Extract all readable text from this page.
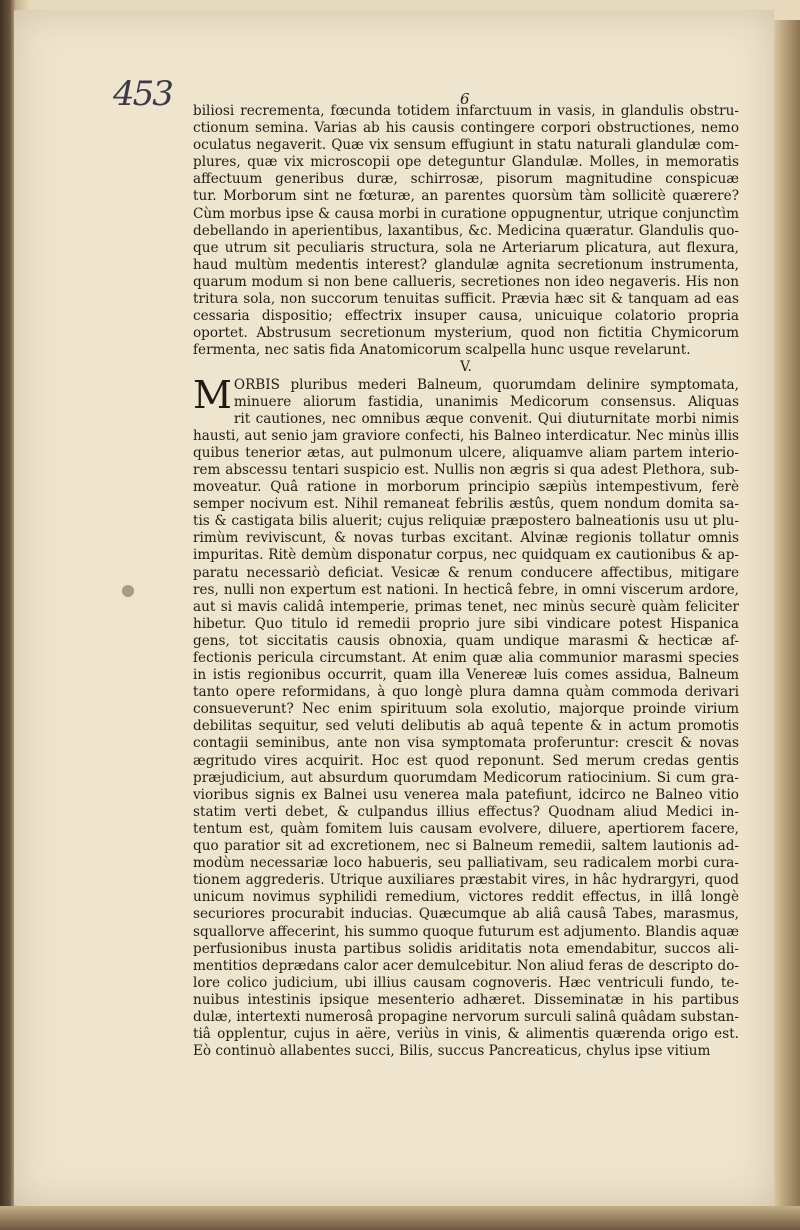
453	6
biliosi recrementa, fœcunda totidem infarctuum in vasis, in glandulis obstru-
ctionum semina. Varias ab his causis contingere corpori obstructiones, nemo
oculatus negaverit. Quæ vix sensum effugiunt in statu naturali glandulæ com-
plures, quæ vix microscopii ope deteguntur Glandulæ. Molles, in memoratis
affectuum generibus duræ, schirrosæ, pisorum magnitudine conspicuæ
tur. Morborum sint ne fœturæ, an parentes quorsùm tàm sollicitè quærere?
Cùm morbus ipse & causa morbi in curatione oppugnentur, utrique conjunctìm
debellando in aperientibus, laxantibus, &c. Medicina quæratur. Glandulis quo-
que utrum sit peculiaris structura, sola ne Arteriarum plicatura, aut flexura,
haud multùm medentis interest? glandulæ agnita secretionum instrumenta,
quarum modum si non bene callueris, secretiones non ideo negaveris. His non
tritura sola, non succorum tenuitas sufficit. Prævia hæc sit & tanquam ad eas
cessaria dispositio; effectrix insuper causa, unicuique colatorio propria
oportet. Abstrusum secretionum mysterium, quod non fictitia Chymicorum
fermenta, nec satis fida Anatomicorum scalpella hunc usque revelarunt.
V.
M ORBIS pluribus mederi Balneum, quorumdam delinire symptomata,
minuere aliorum fastidia, unanimis Medicorum consensus. Aliquas
rit cautiones, nec omnibus æque convenit. Qui diuturnitate morbi nimis
hausti, aut senio jam graviore confecti, his Balneo interdicatur. Nec minùs illis
quibus tenerior ætas, aut pulmonum ulcere, aliquamve aliam partem interio-
rem abscessu tentari suspicio est. Nullis non ægris si qua adest Plethora, sub-
moveatur. Quâ ratione in morborum principio sæpiùs intempestivum, ferè
semper nocivum est. Nihil remaneat febrilis æstûs, quem nondum domita sa-
tis & castigata bilis aluerit; cujus reliquiæ præpostero balneationis usu ut plu-
rimùm reviviscunt, & novas turbas excitant. Alvinæ regionis tollatur omnis
impuritas. Ritè demùm disponatur corpus, nec quidquam ex cautionibus & ap-
paratu necessariò deficiat. Vesicæ & renum conducere affectibus, mitigare
res, nulli non expertum est nationi. In hecticâ febre, in omni viscerum ardore,
aut si mavis calidâ intemperie, primas tenet, nec minùs securè quàm feliciter
hibetur. Quo titulo id remedii proprio jure sibi vindicare potest Hispanica
gens, tot siccitatis causis obnoxia, quam undique marasmi & hecticæ af-
fectionis pericula circumstant. At enim quæ alia communior marasmi species
in istis regionibus occurrit, quam illa Venereæ luis comes assidua, Balneum
tanto opere reformidans, à quo longè plura damna quàm commoda derivari
consueverunt? Nec enim spirituum sola exolutio, majorque proinde virium
debilitas sequitur, sed veluti delibutis ab aquâ tepente & in actum promotis
contagii seminibus, ante non visa symptomata proferuntur: crescit & novas
ægritudo vires acquirit. Hoc est quod reponunt. Sed merum credas gentis
præjudicium, aut absurdum quorumdam Medicorum ratiocinium. Si cum gra-
vioribus signis ex Balnei usu venerea mala patefiunt, idcirco ne Balneo vitio
statim verti debet, & culpandus illius effectus? Quodnam aliud Medici in-
tentum est, quàm fomitem luis causam evolvere, diluere, apertiorem facere,
quo paratior sit ad excretionem, nec si Balneum remedii, saltem lautionis ad-
modùm necessariæ loco habueris, seu palliativam, seu radicalem morbi cura-
tionem aggrederis. Utrique auxiliares præstabit vires, in hâc hydrargyri, quod
unicum novimus syphilidi remedium, victores reddit effectus, in illâ longè
securiores procurabit inducias. Quæcumque ab aliâ causâ Tabes, marasmus,
squallorve affecerint, his summo quoque futurum est adjumento. Blandis aquæ
perfusionibus inusta partibus solidis ariditatis nota emendabitur, succos ali-
mentitios deprædans calor acer demulcebitur. Non aliud feras de descripto do-
lore colico judicium, ubi illius causam cognoveris. Hæc ventriculi fundo, te-
nuibus intestinis ipsique mesenterio adhæret. Disseminatæ in his partibus
dulæ, intertexti numerosâ propagine nervorum surculi salinâ quâdam substan-
tiâ opplentur, cujus in aëre, veriùs in vinis, & alimentis quærenda origo est.
Eò continuò allabentes succi, Bilis, succus Pancreaticus, chylus ipse vitium
